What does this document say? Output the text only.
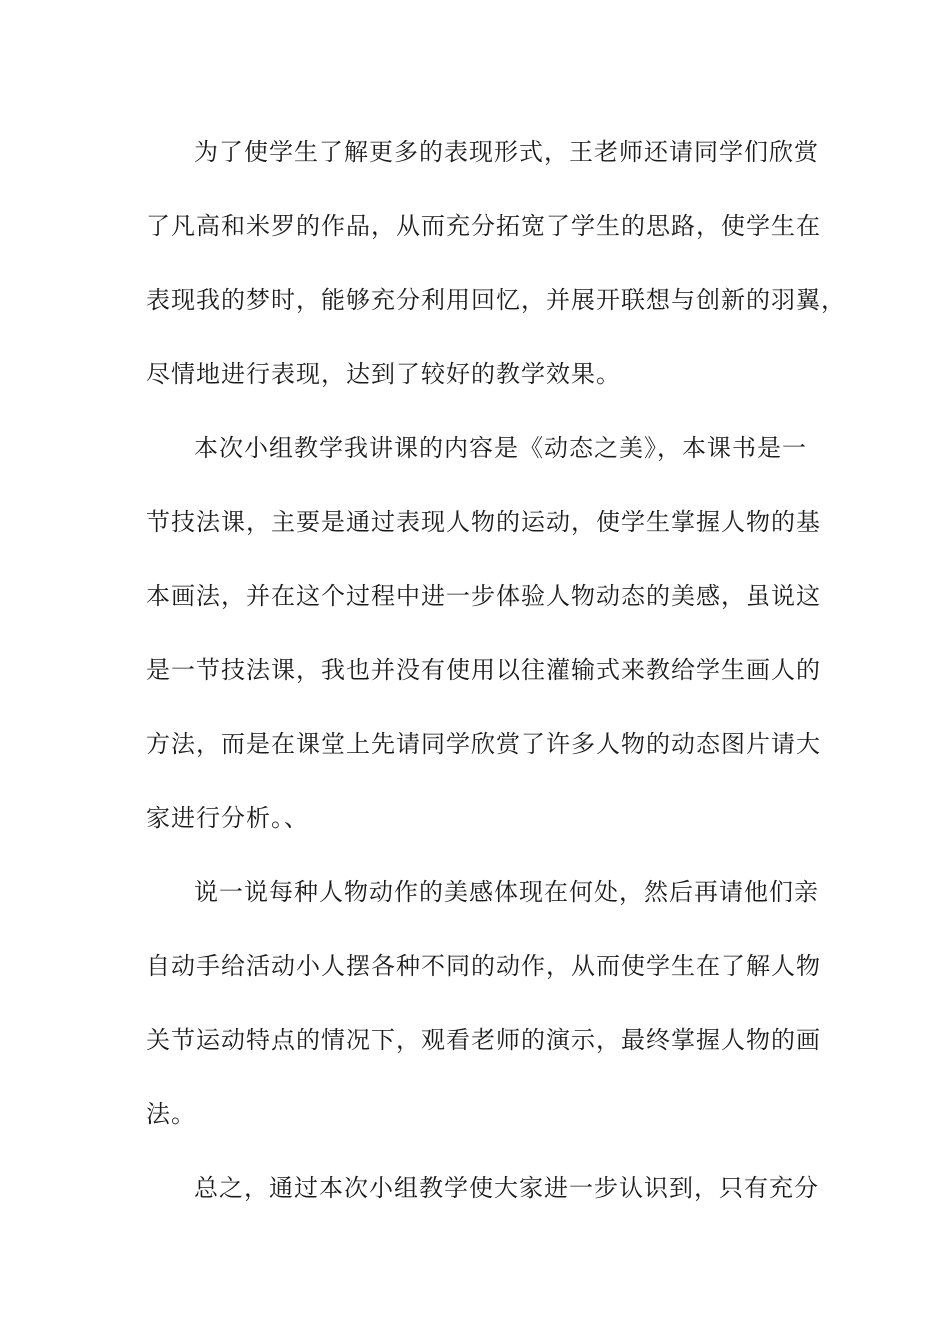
为了使学生了解更多的表现形式，王老师还请同学们欣赏
了凡高和米罗的作品，从而充分拓宽了学生的思路，使学生在
表现我的梦时，能够充分利用回忆，并展开联想与创新的羽翼，
尽情地进行表现，达到了较好的教学效果。
本次小组教学我讲课的内容是《动态之美》，本课书是一
节技法课，主要是通过表现人物的运动，使学生掌握人物的基
本画法，并在这个过程中进一步体验人物动态的美感，虽说这
是一节技法课，我也并没有使用以往灌输式来教给学生画人的
方法，而是在课堂上先请同学欣赏了许多人物的动态图片请大
家进行分析。、
说一说每种人物动作的美感体现在何处，然后再请他们亲
自动手给活动小人摆各种不同的动作，从而使学生在了解人物
关节运动特点的情况下，观看老师的演示，最终掌握人物的画
法。
总之，通过本次小组教学使大家进一步认识到，只有充分
